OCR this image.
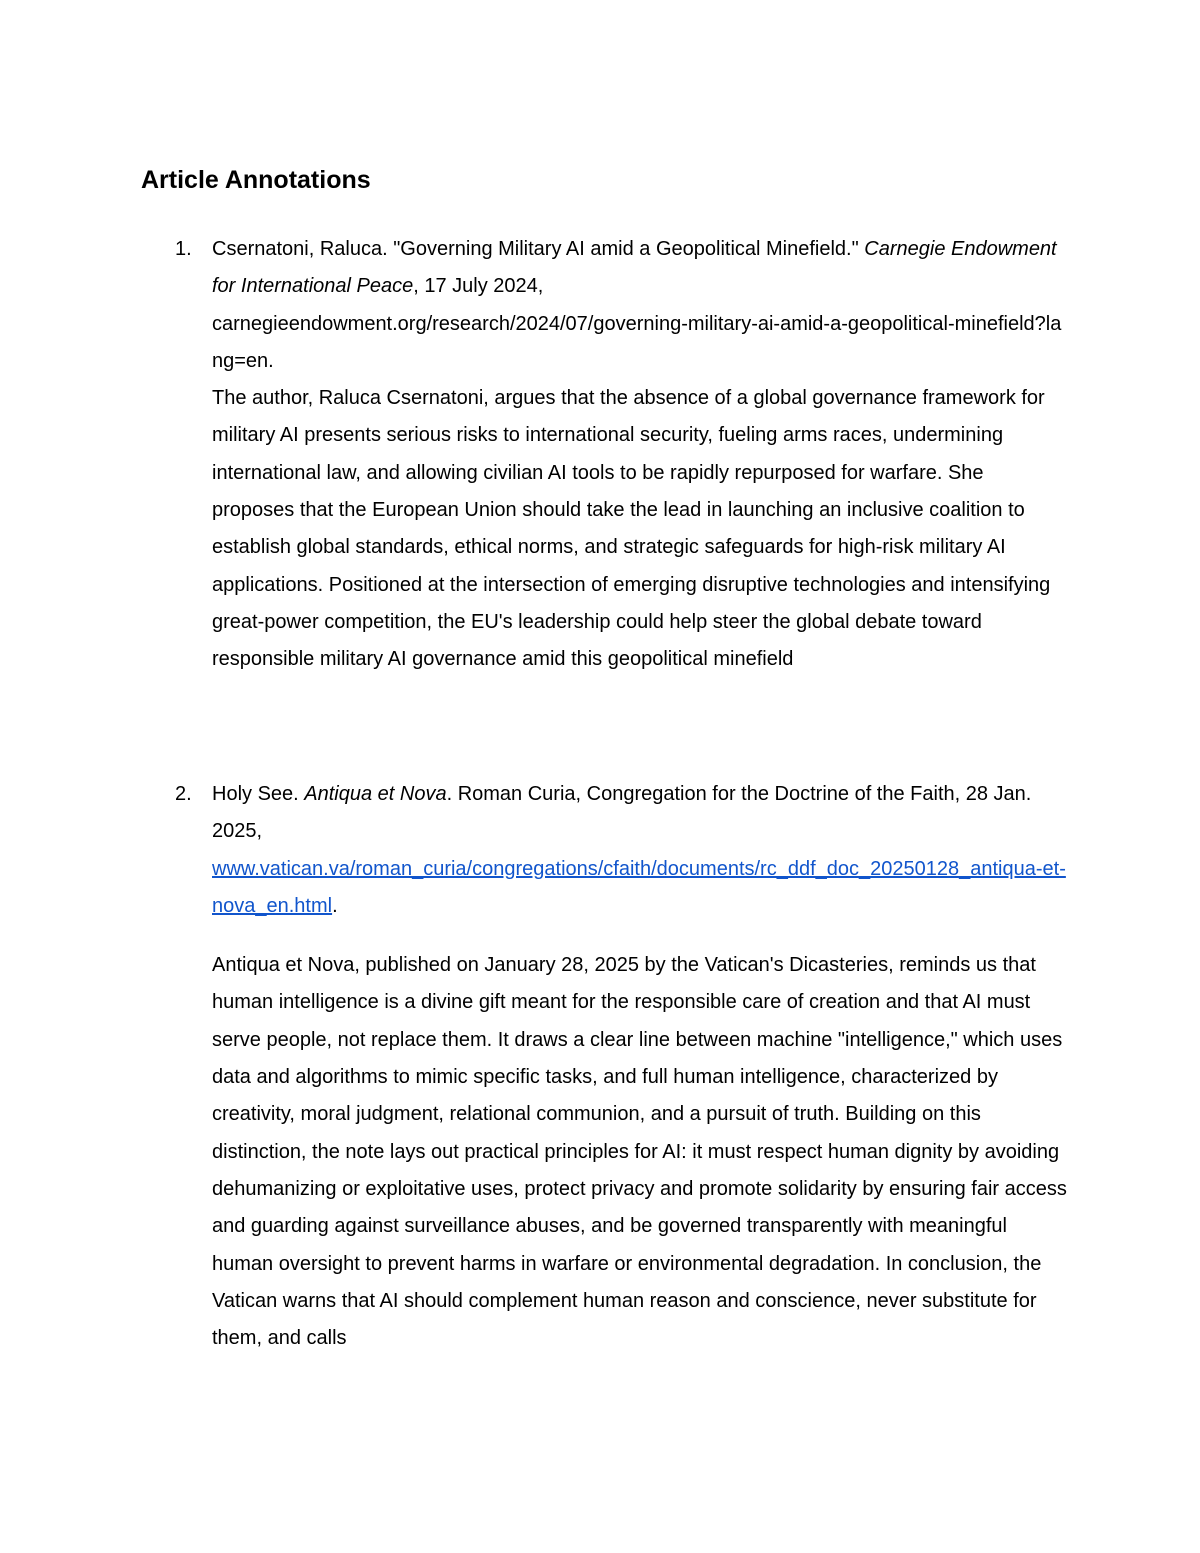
Article Annotations
1. Csernatoni, Raluca. "Governing Military AI amid a Geopolitical Minefield." Carnegie Endowment for International Peace, 17 July 2024,
carnegieendowment.org/research/2024/07/governing-military-ai-amid-a-geopolitical-minefield?lang=en.

The author, Raluca Csernatoni, argues that the absence of a global governance framework for military AI presents serious risks to international security, fueling arms races, undermining international law, and allowing civilian AI tools to be rapidly repurposed for warfare. She proposes that the European Union should take the lead in launching an inclusive coalition to establish global standards, ethical norms, and strategic safeguards for high-risk military AI applications. Positioned at the intersection of emerging disruptive technologies and intensifying great-power competition, the EU's leadership could help steer the global debate toward responsible military AI governance amid this geopolitical minefield

2. Holy See. Antiqua et Nova. Roman Curia, Congregation for the Doctrine of the Faith, 28 Jan. 2025,
www.vatican.va/roman_curia/congregations/cfaith/documents/rc_ddf_doc_20250128_antiqua-et-nova_en.html.

Antiqua et Nova, published on January 28, 2025 by the Vatican's Dicasteries, reminds us that human intelligence is a divine gift meant for the responsible care of creation and that AI must serve people, not replace them. It draws a clear line between machine "intelligence," which uses data and algorithms to mimic specific tasks, and full human intelligence, characterized by creativity, moral judgment, relational communion, and a pursuit of truth. Building on this distinction, the note lays out practical principles for AI: it must respect human dignity by avoiding dehumanizing or exploitative uses, protect privacy and promote solidarity by ensuring fair access and guarding against surveillance abuses, and be governed transparently with meaningful human oversight to prevent harms in warfare or environmental degradation. In conclusion, the Vatican warns that AI should complement human reason and conscience, never substitute for them, and calls
